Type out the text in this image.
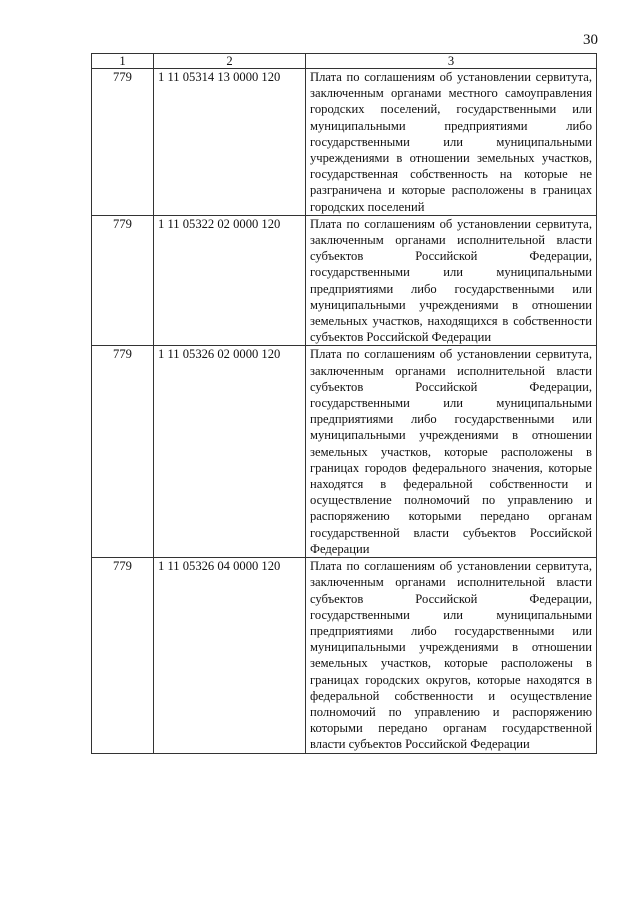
30
1	2	3
779	1 11 05314 13 0000 120	Плата по соглашениям об установлении сервитута, заключенным органами местного самоуправления городских поселений, государственными или муниципальными предприятиями либо государственными или муниципальными учреждениями в отношении земельных участков, государственная собственность на которые не разграничена и которые расположены в границах городских поселений
779	1 11 05322 02 0000 120	Плата по соглашениям об установлении сервитута, заключенным органами исполнительной власти субъектов Российской Федерации, государственными или муниципальными предприятиями либо государственными или муниципальными учреждениями в отношении земельных участков, находящихся в собственности субъектов Российской Федерации
779	1 11 05326 02 0000 120	Плата по соглашениям об установлении сервитута, заключенным органами исполнительной власти субъектов Российской Федерации, государственными или муниципальными предприятиями либо государственными или муниципальными учреждениями в отношении земельных участков, которые расположены в границах городов федерального значения, которые находятся в федеральной собственности и осуществление полномочий по управлению и распоряжению которыми передано органам государственной власти субъектов Российской Федерации
779	1 11 05326 04 0000 120	Плата по соглашениям об установлении сервитута, заключенным органами исполнительной власти субъектов Российской Федерации, государственными или муниципальными предприятиями либо государственными или муниципальными учреждениями в отношении земельных участков, которые расположены в границах городских округов, которые находятся в федеральной собственности и осуществление полномочий по управлению и распоряжению которыми передано органам государственной власти субъектов Российской Федерации
